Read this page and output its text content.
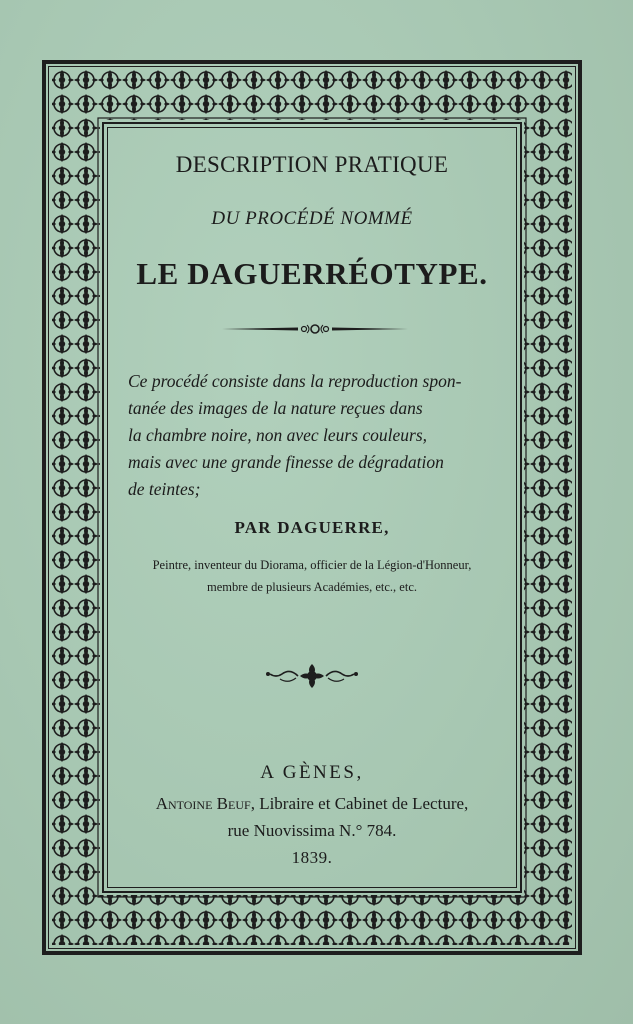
DESCRIPTION PRATIQUE
DU PROCÉDÉ NOMMÉ
LE DAGUERRÉOTYPE.
Ce procédé consiste dans la reproduction spon-
tanée des images de la nature reçues dans
la chambre noire, non avec leurs couleurs,
mais avec une grande finesse de dégradation
de teintes;
PAR DAGUERRE,
Peintre, inventeur du Diorama, officier de la Légion-d'Honneur,
membre de plusieurs Académies, etc., etc.
A GÈNES,
Antoine Beuf, Libraire et Cabinet de Lecture,
rue Nuovissima N.° 784.
1839.
